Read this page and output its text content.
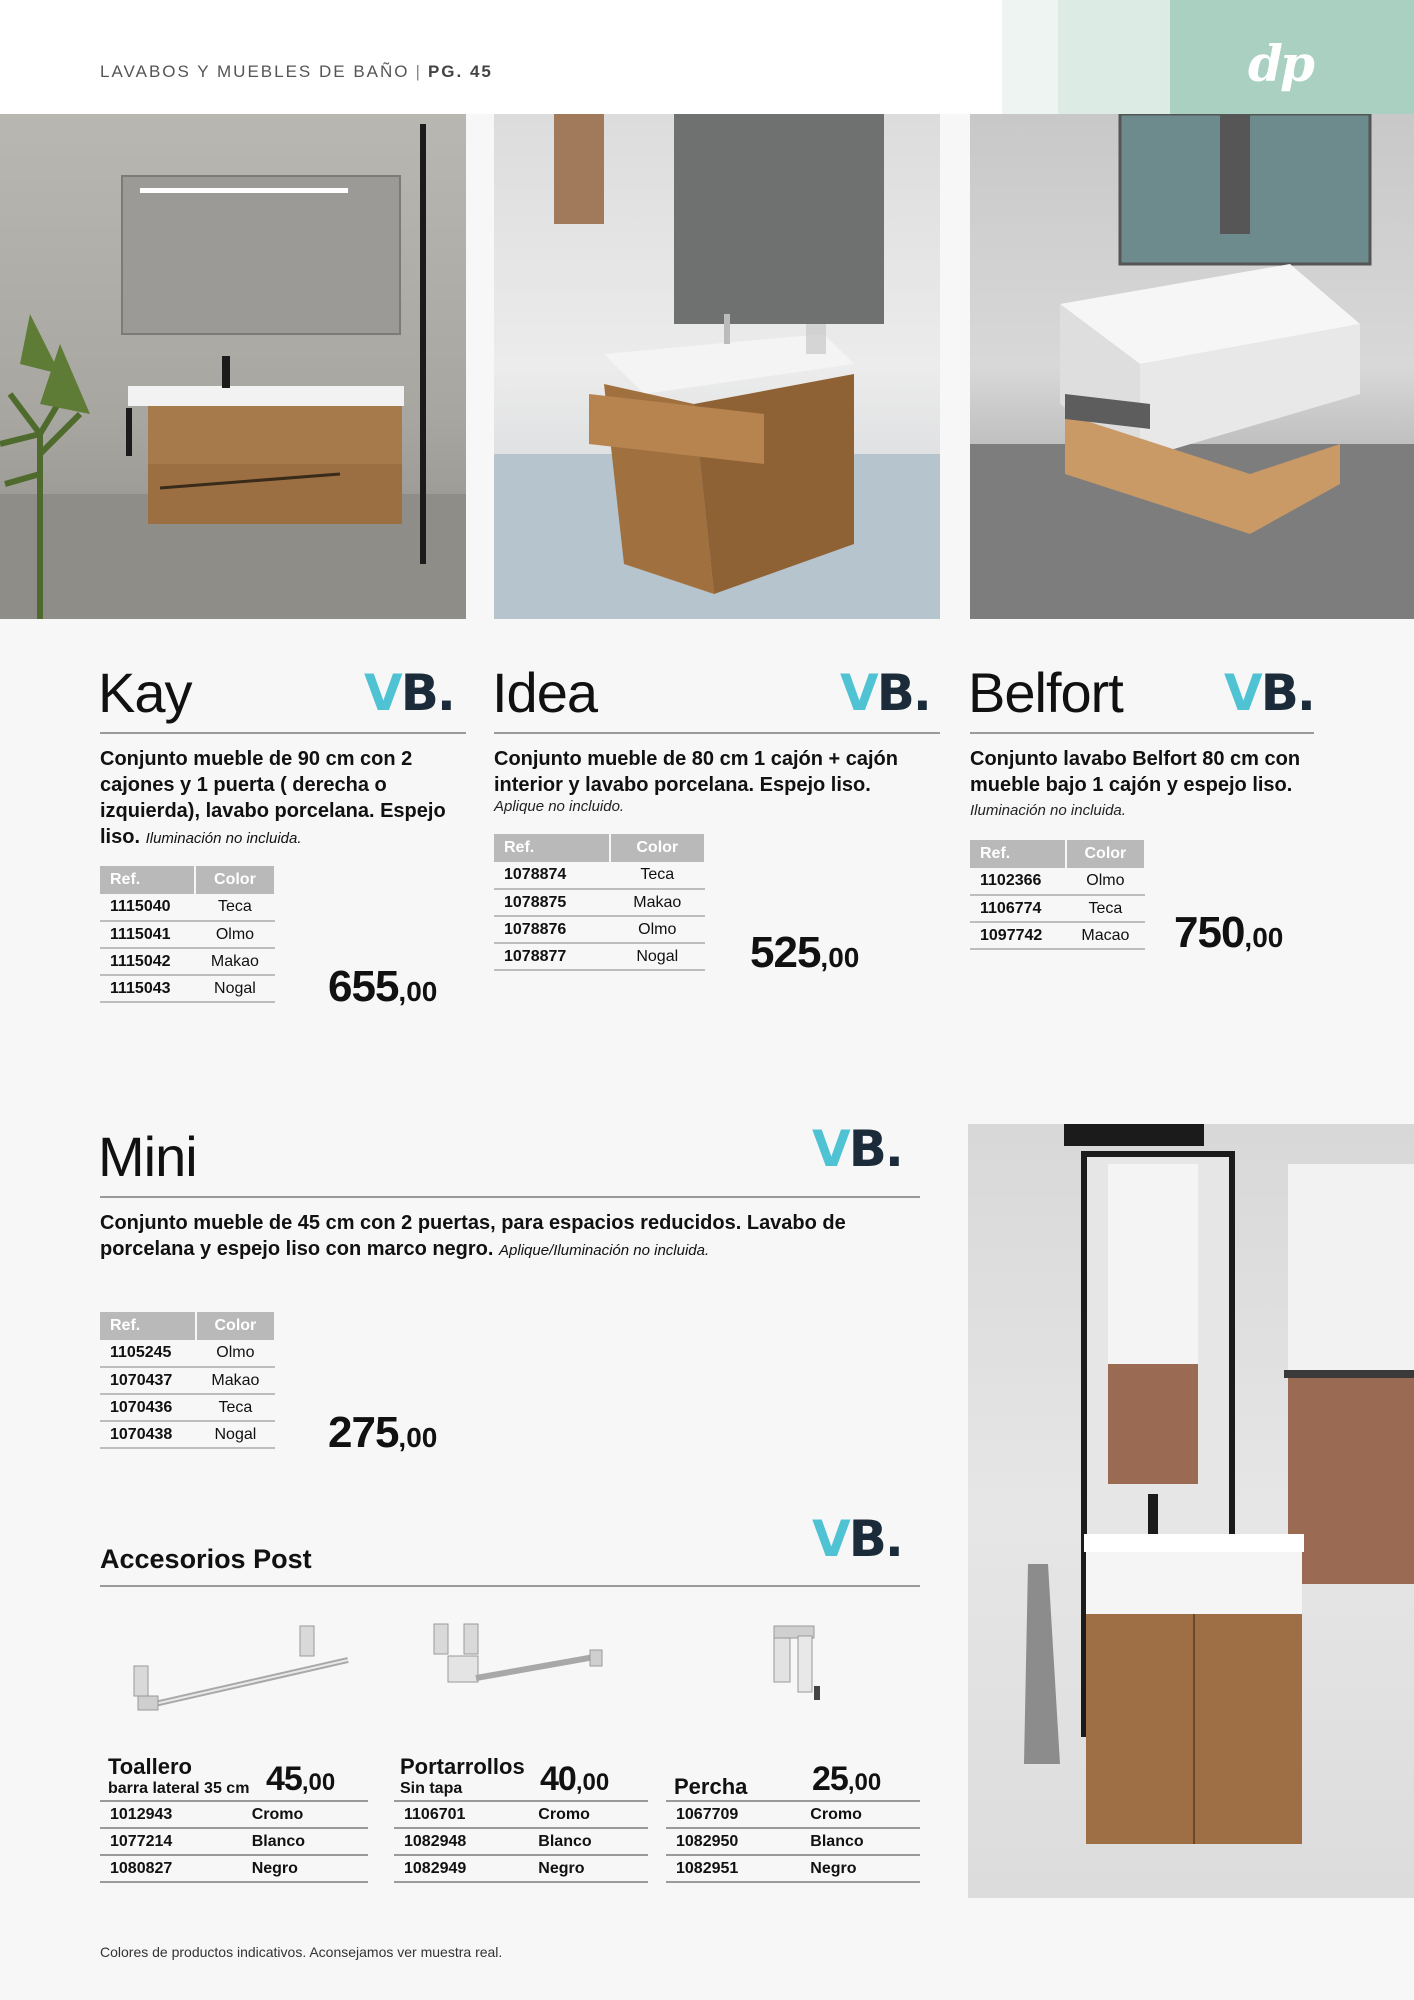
LAVABOS Y MUEBLES DE BAÑO | PG. 45	dp
Kay	VB.
Conjunto mueble de 90 cm con 2 cajones y 1 puerta ( derecha o izquierda), lavabo porcelana. Espejo liso. Iluminación no incluida.
Ref.	Color
1115040	Teca
1115041	Olmo
1115042	Makao
1115043	Nogal 655,00
Idea	VB.
Conjunto mueble de 80 cm 1 cajón + cajón interior y lavabo porcelana. Espejo liso.
Aplique no incluido.
Ref.	Color
1078874	Teca
1078875	Makao
1078876	Olmo
1078877	Nogal 525,00
Belfort VB.
Conjunto lavabo Belfort 80 cm con mueble bajo 1 cajón y espejo liso.
Iluminación no incluida.
Ref.	Color
1102366	Olmo
1106774	Teca
1097742	Macao 750,00
Mini	VB.
Conjunto mueble de 45 cm con 2 puertas, para espacios reducidos. Lavabo de porcelana y espejo liso con marco negro. Aplique/Iluminación no incluida.
Ref.	Color
1105245	Olmo
1070437	Makao
1070436	Teca
1070438	Nogal 275,00
Accesorios Post	VB.
Toallero
barra lateral 35 cm 45,00
1012943	Cromo
1077214	Blanco
1080827	Negro
Portarrollos
Sin tapa 40,00
1106701	Cromo
1082948	Blanco
1082949	Negro
Percha 25,00
1067709	Cromo
1082950	Blanco
1082951	Negro
Colores de productos indicativos. Aconsejamos ver muestra real.
